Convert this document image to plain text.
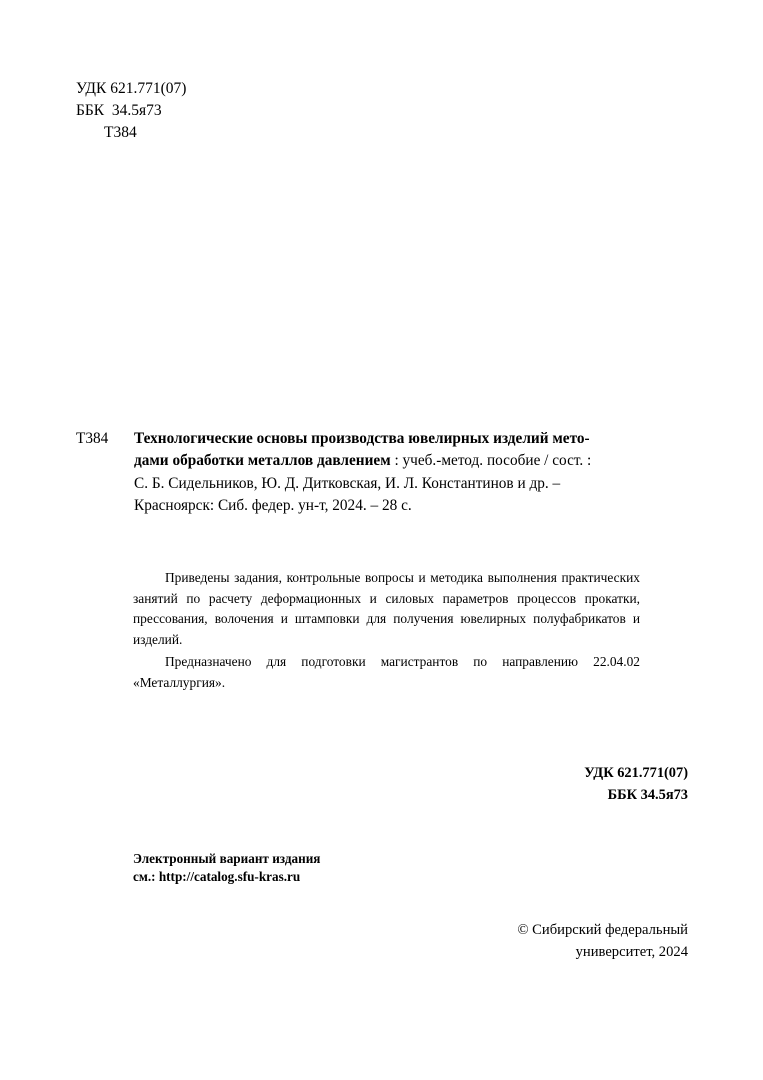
УДК 621.771(07)
ББК  34.5я73
Т384
Т384	Технологические основы производства ювелирных изделий мето-
дами обработки металлов давлением : учеб.-метод. пособие / сост. :
С. Б. Сидельников, Ю. Д. Дитковская, И. Л. Константинов и др. –
Красноярск: Сиб. федер. ун-т, 2024. – 28 с.

Приведены задания, контрольные вопросы и методика выполнения практических занятий по расчету деформационных и силовых параметров процессов прокатки, прессования, волочения и штамповки для получения ювелирных полуфабрикатов и изделий.

Предназначено для подготовки магистрантов по направлению 22.04.02 «Металлургия».

УДК 621.771(07)
ББК 34.5я73
Электронный вариант издания
см.: http://catalog.sfu-kras.ru
© Сибирский федеральный
университет, 2024
